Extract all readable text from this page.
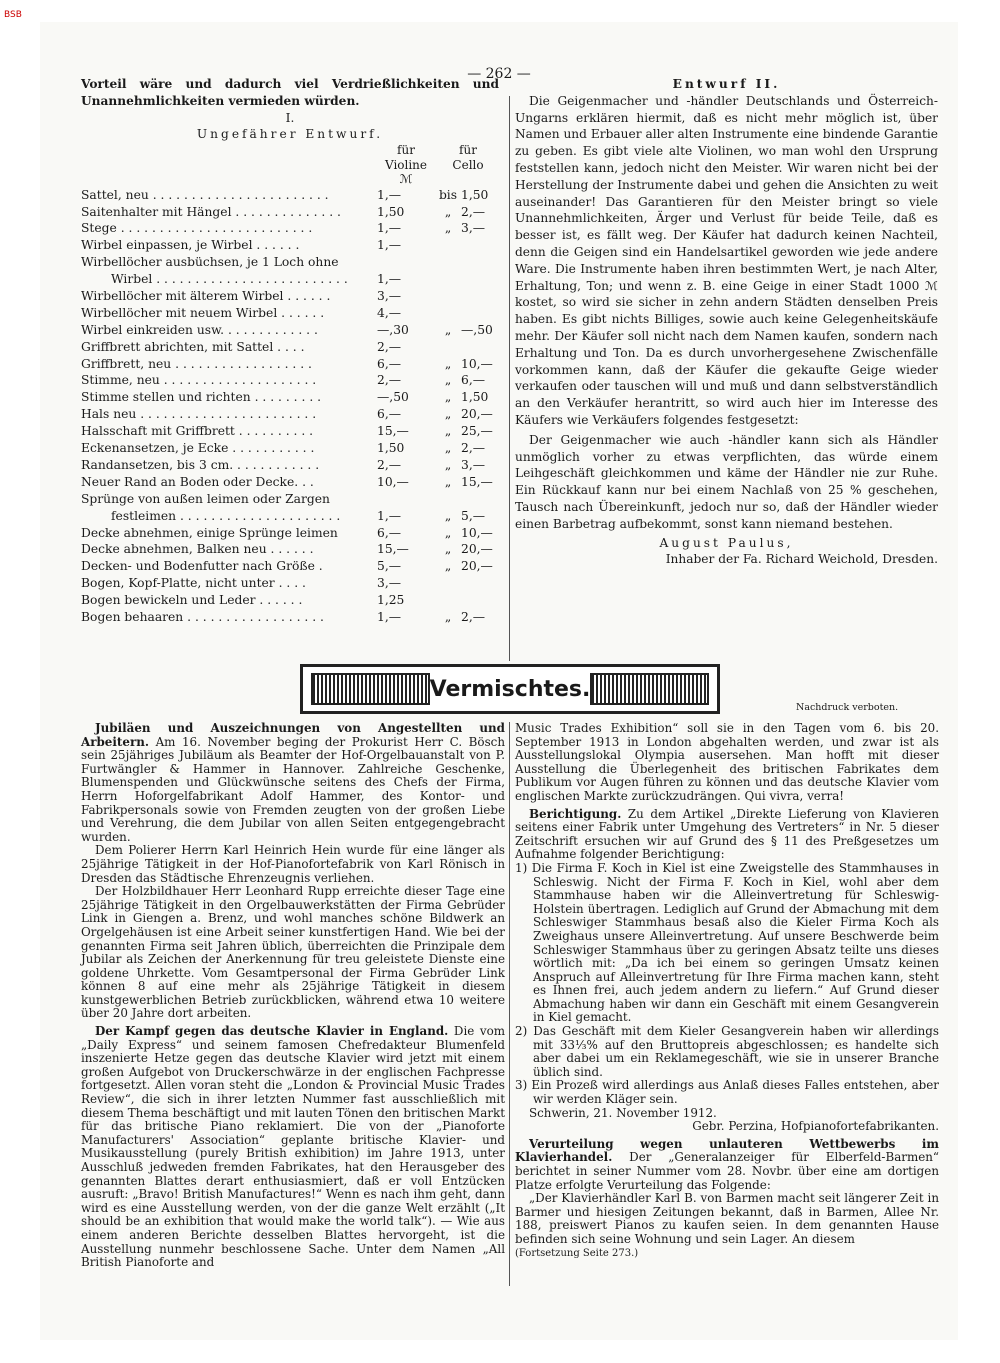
BSB
— 262 —

Vorteil wäre und dadurch viel Verdrießlichkeiten und Unannehmlichkeiten vermieden würden.

I.
Ungefährer Entwurf.
für	für
Violine	Cello
ℳ
Sattel, neu . . . . . . . . . . . . . . . . . . . . . . .	1,—	bis 1,50
Saitenhalter mit Hängel . . . . . . . . . . . . . .	1,50	„ 2,—
Stege . . . . . . . . . . . . . . . . . . . . . . . . .	1,—	„ 3,—
Wirbel einpassen, je Wirbel . . . . . .	1,—
Wirbellöcher ausbüchsen, je 1 Loch ohne
Wirbel . . . . . . . . . . . . . . . . . . . . . . . . .	1,—
Wirbellöcher mit älterem Wirbel . . . . . .	3,—
Wirbellöcher mit neuem Wirbel . . . . . .	4,—
Wirbel einkreiden usw. . . . . . . . . . . . .	—,30	„ —,50
Griffbrett abrichten, mit Sattel . . . .	2,—
Griffbrett, neu . . . . . . . . . . . . . . . . . .	6,—	„ 10,—
Stimme, neu . . . . . . . . . . . . . . . . . . . .	2,—	„ 6,—
Stimme stellen und richten . . . . . . . . .	—,50	„ 1,50
Hals neu . . . . . . . . . . . . . . . . . . . . . . .	6,—	„ 20,—
Halsschaft mit Griffbrett . . . . . . . . . .	15,—	„ 25,—
Eckenansetzen, je Ecke . . . . . . . . . . .	1,50	„ 2,—
Randansetzen, bis 3 cm. . . . . . . . . . . .	2,—	„ 3,—
Neuer Rand an Boden oder Decke. . .	10,—	„ 15,—
Sprünge von außen leimen oder Zargen
festleimen . . . . . . . . . . . . . . . . . . . . .	1,—	„ 5,—
Decke abnehmen, einige Sprünge leimen	6,—	„ 10,—
Decke abnehmen, Balken neu . . . . . .	15,—	„ 20,—
Decken- und Bodenfutter nach Größe .	5,—	„ 20,—
Bogen, Kopf-Platte, nicht unter . . . .	3,—
Bogen bewickeln und Leder . . . . . .	1,25
Bogen behaaren . . . . . . . . . . . . . . . . . .	1,—	„ 2,—
Entwurf II.

Die Geigenmacher und -händler Deutschlands und Österreich-Ungarns erklären hiermit, daß es nicht mehr möglich ist, über Namen und Erbauer aller alten Instrumente eine bindende Garantie zu geben. Es gibt viele alte Violinen, wo man wohl den Ursprung feststellen kann, jedoch nicht den Meister. Wir waren nicht bei der Herstellung der Instrumente dabei und gehen die Ansichten zu weit auseinander! Das Garantieren für den Meister bringt so viele Unannehmlichkeiten, Ärger und Verlust für beide Teile, daß es besser ist, es fällt weg. Der Käufer hat dadurch keinen Nachteil, denn die Geigen sind ein Handelsartikel geworden wie jede andere Ware. Die Instrumente haben ihren bestimmten Wert, je nach Alter, Erhaltung, Ton; und wenn z. B. eine Geige in einer Stadt 1000 ℳ kostet, so wird sie sicher in zehn andern Städten denselben Preis haben. Es gibt nichts Billiges, sowie auch keine Gelegenheitskäufe mehr. Der Käufer soll nicht nach dem Namen kaufen, sondern nach Erhaltung und Ton. Da es durch unvorhergesehene Zwischenfälle vorkommen kann, daß der Käufer die gekaufte Geige wieder verkaufen oder tauschen will und muß und dann selbstverständlich an den Verkäufer herantritt, so wird auch hier im Interesse des Käufers wie Verkäufers folgendes festgesetzt:

Der Geigenmacher wie auch -händler kann sich als Händler unmöglich vorher zu etwas verpflichten, das würde einem Leihgeschäft gleichkommen und käme der Händler nie zur Ruhe. Ein Rückkauf kann nur bei einem Nachlaß von 25 % geschehen, Tausch nach Übereinkunft, jedoch nur so, daß der Händler wieder einen Barbetrag aufbekommt, sonst kann niemand bestehen.

August Paulus,
Inhaber der Fa. Richard Weichold, Dresden.
Vermischtes.
Nachdruck verboten.

Jubiläen und Auszeichnungen von Angestellten und Arbeitern. Am 16. November beging der Prokurist Herr C. Bösch sein 25jähriges Jubiläum als Beamter der Hof-Orgelbauanstalt von P. Furtwängler & Hammer in Hannover. Zahlreiche Geschenke, Blumenspenden und Glückwünsche seitens des Chefs der Firma, Herrn Hoforgelfabrikant Adolf Hammer, des Kontor- und Fabrikpersonals sowie von Fremden zeugten von der großen Liebe und Verehrung, die dem Jubilar von allen Seiten entgegengebracht wurden.

Dem Polierer Herrn Karl Heinrich Hein wurde für eine länger als 25jährige Tätigkeit in der Hof-Pianofortefabrik von Karl Rönisch in Dresden das Städtische Ehrenzeugnis verliehen.

Der Holzbildhauer Herr Leonhard Rupp erreichte dieser Tage eine 25jährige Tätigkeit in den Orgelbauwerkstätten der Firma Gebrüder Link in Giengen a. Brenz, und wohl manches schöne Bildwerk an Orgelgehäusen ist eine Arbeit seiner kunstfertigen Hand. Wie bei der genannten Firma seit Jahren üblich, überreichten die Prinzipale dem Jubilar als Zeichen der Anerkennung für treu geleistete Dienste eine goldene Uhrkette. Vom Gesamtpersonal der Firma Gebrüder Link können 8 auf eine mehr als 25jährige Tätigkeit in diesem kunstgewerblichen Betrieb zurückblicken, während etwa 10 weitere über 20 Jahre dort arbeiten.

Der Kampf gegen das deutsche Klavier in England. Die vom „Daily Express“ und seinem famosen Chefredakteur Blumenfeld inszenierte Hetze gegen das deutsche Klavier wird jetzt mit einem großen Aufgebot von Druckerschwärze in der englischen Fachpresse fortgesetzt. Allen voran steht die „London & Provincial Music Trades Review“, die sich in ihrer letzten Nummer fast ausschließlich mit diesem Thema beschäftigt und mit lauten Tönen den britischen Markt für das britische Piano reklamiert. Die von der „Pianoforte Manufacturers' Association“ geplante britische Klavier- und Musikausstellung (purely British exhibition) im Jahre 1913, unter Ausschluß jedweden fremden Fabrikates, hat den Herausgeber des genannten Blattes derart enthusiasmiert, daß er voll Entzücken ausruft: „Bravo! British Manufactures!“ Wenn es nach ihm geht, dann wird es eine Ausstellung werden, von der die ganze Welt erzählt („It should be an exhibition that would make the world talk“). — Wie aus einem anderen Berichte desselben Blattes hervorgeht, ist die Ausstellung nunmehr beschlossene Sache. Unter dem Namen „All British Pianoforte and

Music Trades Exhibition“ soll sie in den Tagen vom 6. bis 20. September 1913 in London abgehalten werden, und zwar ist als Ausstellungslokal Olympia ausersehen. Man hofft mit dieser Ausstellung die Überlegenheit des britischen Fabrikates dem Publikum vor Augen führen zu können und das deutsche Klavier vom englischen Markte zurückzudrängen. Qui vivra, verra!

Berichtigung. Zu dem Artikel „Direkte Lieferung von Klavieren seitens einer Fabrik unter Umgehung des Vertreters“ in Nr. 5 dieser Zeitschrift ersuchen wir auf Grund des § 11 des Preßgesetzes um Aufnahme folgender Berichtigung:

1) Die Firma F. Koch in Kiel ist eine Zweigstelle des Stammhauses in Schleswig. Nicht der Firma F. Koch in Kiel, wohl aber dem Stammhause haben wir die Alleinvertretung für Schleswig-Holstein übertragen. Lediglich auf Grund der Abmachung mit dem Schleswiger Stammhaus besaß also die Kieler Firma Koch als Zweighaus unsere Alleinvertretung. Auf unsere Beschwerde beim Schleswiger Stammhaus über zu geringen Absatz teilte uns dieses wörtlich mit: „Da ich bei einem so geringen Umsatz keinen Anspruch auf Alleinvertretung für Ihre Firma machen kann, steht es Ihnen frei, auch jedem andern zu liefern.“ Auf Grund dieser Abmachung haben wir dann ein Geschäft mit einem Gesangverein in Kiel gemacht.

2) Das Geschäft mit dem Kieler Gesangverein haben wir allerdings mit 33⅓% auf den Bruttopreis abgeschlossen; es handelte sich aber dabei um ein Reklamegeschäft, wie sie in unserer Branche üblich sind.

3) Ein Prozeß wird allerdings aus Anlaß dieses Falles entstehen, aber wir werden Kläger sein.

Schwerin, 21. November 1912.

Gebr. Perzina, Hofpianofortefabrikanten.

Verurteilung wegen unlauteren Wettbewerbs im Klavierhandel. Der „Generalanzeiger für Elberfeld-Barmen“ berichtet in seiner Nummer vom 28. Novbr. über eine am dortigen Platze erfolgte Verurteilung das Folgende:

„Der Klavierhändler Karl B. von Barmen macht seit längerer Zeit in Barmer und hiesigen Zeitungen bekannt, daß in Barmen, Allee Nr. 188, preiswert Pianos zu kaufen seien. In dem genannten Hause befinden sich seine Wohnung und sein Lager. An diesem

(Fortsetzung Seite 273.)
